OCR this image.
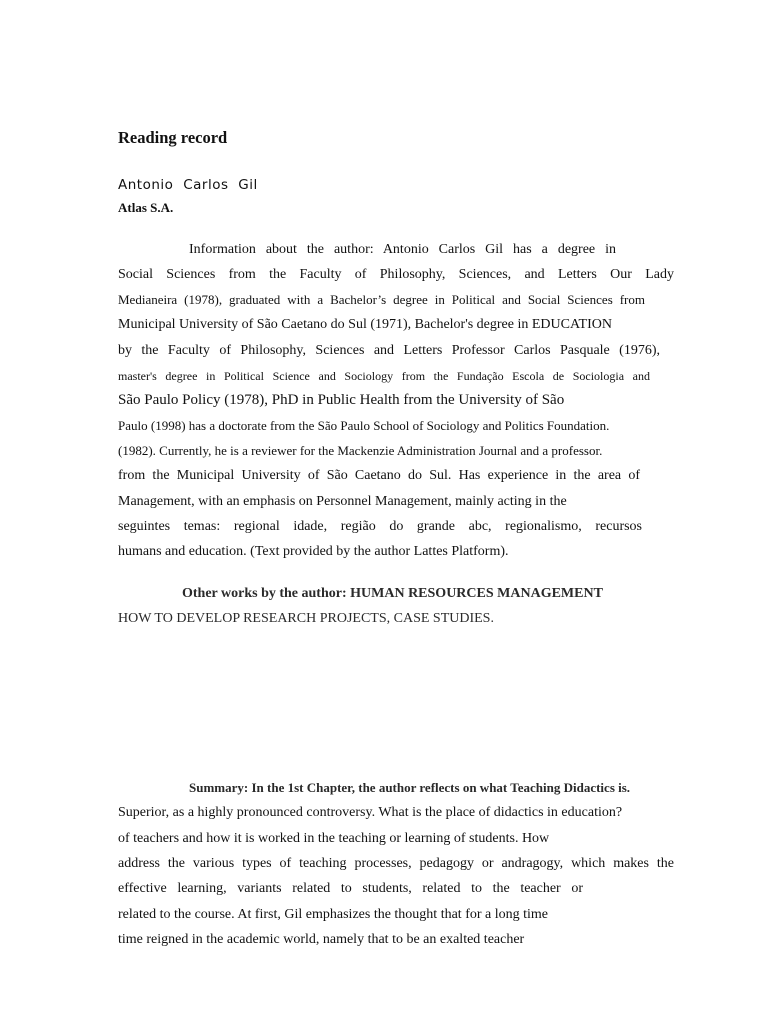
Reading record
Antonio Carlos Gil
Atlas S.A.
Information about the author: Antonio Carlos Gil has a degree in
Social Sciences from the Faculty of Philosophy, Sciences, and Letters Our Lady
Medianeira (1978), graduated with a Bachelor’s degree in Political and Social Sciences from
Municipal University of São Caetano do Sul (1971), Bachelor's degree in EDUCATION
by the Faculty of Philosophy, Sciences and Letters Professor Carlos Pasquale (1976),
master's degree in Political Science and Sociology from the Fundação Escola de Sociologia and
São Paulo Policy (1978), PhD in Public Health from the University of São
Paulo (1998) has a doctorate from the São Paulo School of Sociology and Politics Foundation.
(1982). Currently, he is a reviewer for the Mackenzie Administration Journal and a professor.
from the Municipal University of São Caetano do Sul. Has experience in the area of
Management, with an emphasis on Personnel Management, mainly acting in the
seguintes temas: regional idade, região do grande abc, regionalismo, recursos
humans and education. (Text provided by the author Lattes Platform).
Other works by the author: HUMAN RESOURCES MANAGEMENT
HOW TO DEVELOP RESEARCH PROJECTS, CASE STUDIES.
Summary: In the 1st Chapter, the author reflects on what Teaching Didactics is.
Superior, as a highly pronounced controversy. What is the place of didactics in education?
of teachers and how it is worked in the teaching or learning of students. How
address the various types of teaching processes, pedagogy or andragogy, which makes the
effective learning, variants related to students, related to the teacher or
related to the course. At first, Gil emphasizes the thought that for a long time
time reigned in the academic world, namely that to be an exalted teacher
